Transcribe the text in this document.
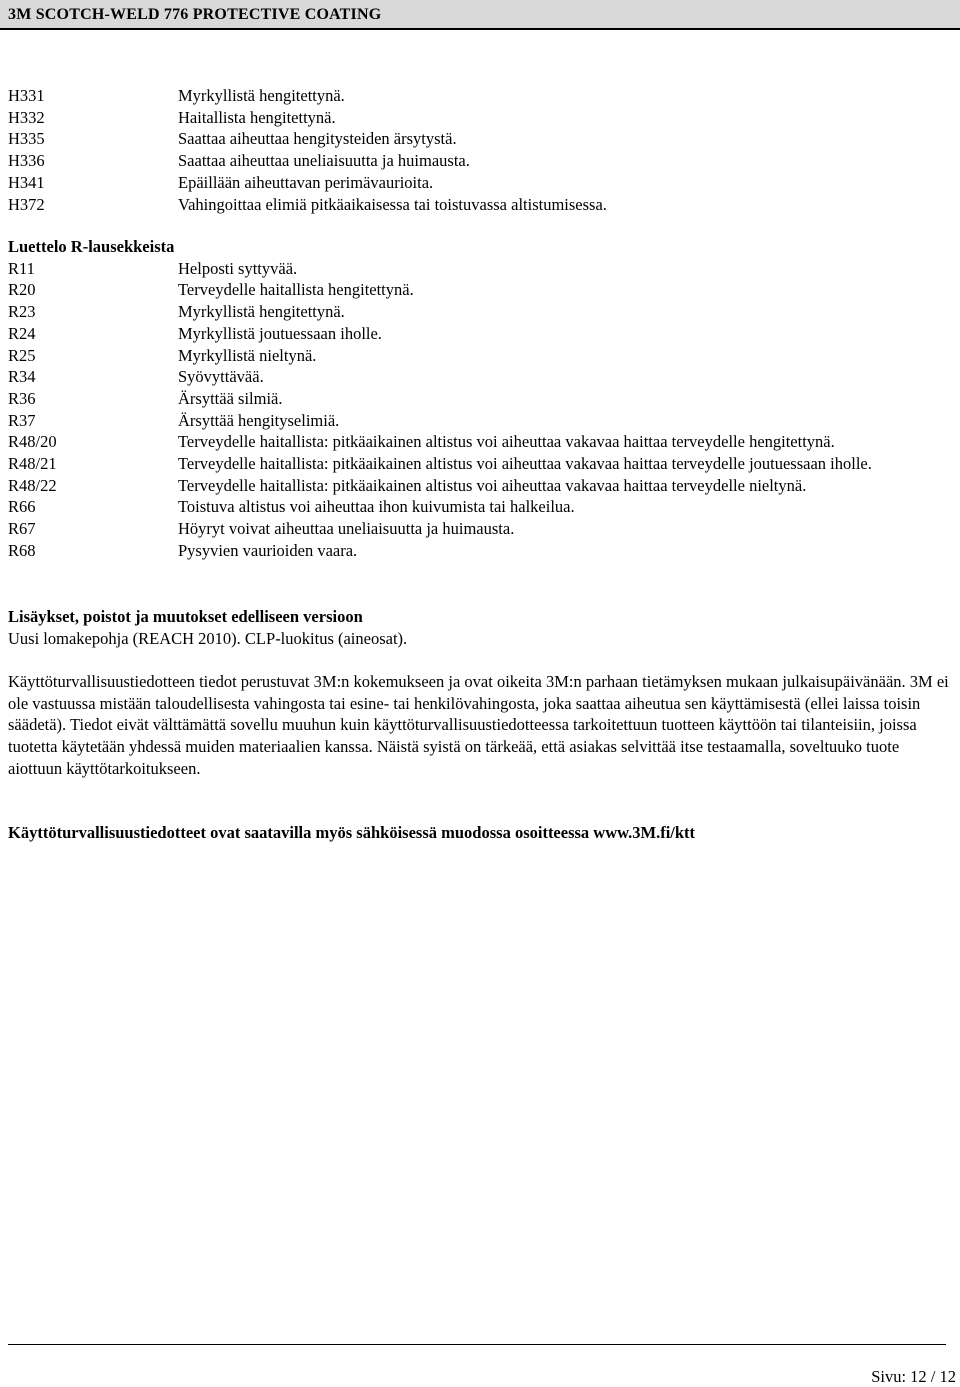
3M SCOTCH-WELD 776 PROTECTIVE COATING
H331	Myrkyllistä hengitettynä.
H332	Haitallista hengitettynä.
H335	Saattaa aiheuttaa hengitysteiden ärsytystä.
H336	Saattaa aiheuttaa uneliaisuutta ja huimausta.
H341	Epäillään aiheuttavan perimävaurioita.
H372	Vahingoittaa elimiä pitkäaikaisessa tai toistuvassa altistumisessa.
Luettelo R-lausekkeista
R11	Helposti syttyvää.
R20	Terveydelle haitallista hengitettynä.
R23	Myrkyllistä hengitettynä.
R24	Myrkyllistä joutuessaan iholle.
R25	Myrkyllistä nieltynä.
R34	Syövyttävää.
R36	Ärsyttää silmiä.
R37	Ärsyttää hengityselimiä.
R48/20	Terveydelle haitallista: pitkäaikainen altistus voi aiheuttaa vakavaa haittaa terveydelle hengitettynä.
R48/21	Terveydelle haitallista: pitkäaikainen altistus voi aiheuttaa vakavaa haittaa terveydelle joutuessaan iholle.
R48/22	Terveydelle haitallista: pitkäaikainen altistus voi aiheuttaa vakavaa haittaa terveydelle nieltynä.
R66	Toistuva altistus voi aiheuttaa ihon kuivumista tai halkeilua.
R67	Höyryt voivat aiheuttaa uneliaisuutta ja huimausta.
R68	Pysyvien vaurioiden vaara.
Lisäykset, poistot ja muutokset edelliseen versioon

Uusi lomakepohja (REACH 2010). CLP-luokitus (aineosat).

Käyttöturvallisuustiedotteen tiedot perustuvat 3M:n kokemukseen ja ovat oikeita 3M:n parhaan tietämyksen mukaan julkaisupäivänään. 3M ei ole vastuussa mistään taloudellisesta vahingosta tai esine- tai henkilövahingosta, joka saattaa aiheutua sen käyttämisestä (ellei laissa toisin säädetä). Tiedot eivät välttämättä sovellu muuhun kuin käyttöturvallisuustiedotteessa tarkoitettuun tuotteen käyttöön tai tilanteisiin, joissa tuotetta käytetään yhdessä muiden materiaalien kanssa. Näistä syistä on tärkeää, että asiakas selvittää itse testaamalla, soveltuuko tuote aiottuun käyttötarkoitukseen.

Käyttöturvallisuustiedotteet ovat saatavilla myös sähköisessä muodossa osoitteessa www.3M.fi/ktt

Sivu: 12 / 12
